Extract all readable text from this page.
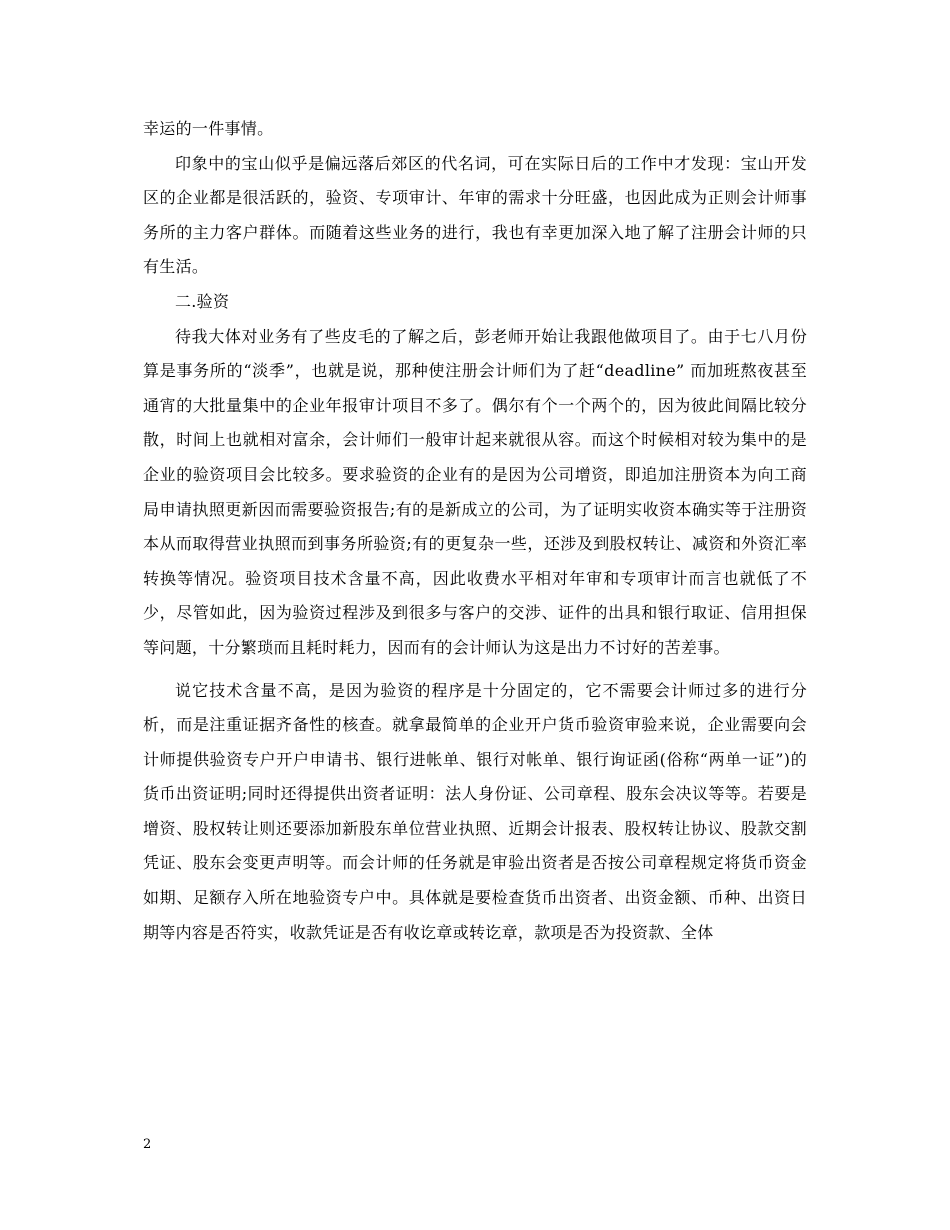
幸运的一件事情。

印象中的宝山似乎是偏远落后郊区的代名词，可在实际日后的工作中才发现：宝山开发区的企业都是很活跃的，验资、专项审计、年审的需求十分旺盛，也因此成为正则会计师事务所的主力客户群体。而随着这些业务的进行，我也有幸更加深入地了解了注册会计师的只有生活。

二.验资

待我大体对业务有了些皮毛的了解之后，彭老师开始让我跟他做项目了。由于七八月份算是事务所的“淡季”，也就是说，那种使注册会计师们为了赶“deadline” 而加班熬夜甚至通宵的大批量集中的企业年报审计项目不多了。偶尔有个一个两个的，因为彼此间隔比较分散，时间上也就相对富余，会计师们一般审计起来就很从容。而这个时候相对较为集中的是企业的验资项目会比较多。要求验资的企业有的是因为公司增资，即追加注册资本为向工商局申请执照更新因而需要验资报告;有的是新成立的公司，为了证明实收资本确实等于注册资本从而取得营业执照而到事务所验资;有的更复杂一些，还涉及到股权转让、减资和外资汇率转换等情况。验资项目技术含量不高，因此收费水平相对年审和专项审计而言也就低了不少，尽管如此，因为验资过程涉及到很多与客户的交涉、证件的出具和银行取证、信用担保等问题，十分繁琐而且耗时耗力，因而有的会计师认为这是出力不讨好的苦差事。

说它技术含量不高，是因为验资的程序是十分固定的，它不需要会计师过多的进行分析，而是注重证据齐备性的核查。就拿最简单的企业开户货币验资审验来说，企业需要向会计师提供验资专户开户申请书、银行进帐单、银行对帐单、银行询证函(俗称“两单一证”)的货币出资证明;同时还得提供出资者证明：法人身份证、公司章程、股东会决议等等。若要是增资、股权转让则还要添加新股东单位营业执照、近期会计报表、股权转让协议、股款交割凭证、股东会变更声明等。而会计师的任务就是审验出资者是否按公司章程规定将货币资金如期、足额存入所在地验资专户中。具体就是要检查货币出资者、出资金额、币种、出资日期等内容是否符实，收款凭证是否有收讫章或转讫章，款项是否为投资款、全体

2
